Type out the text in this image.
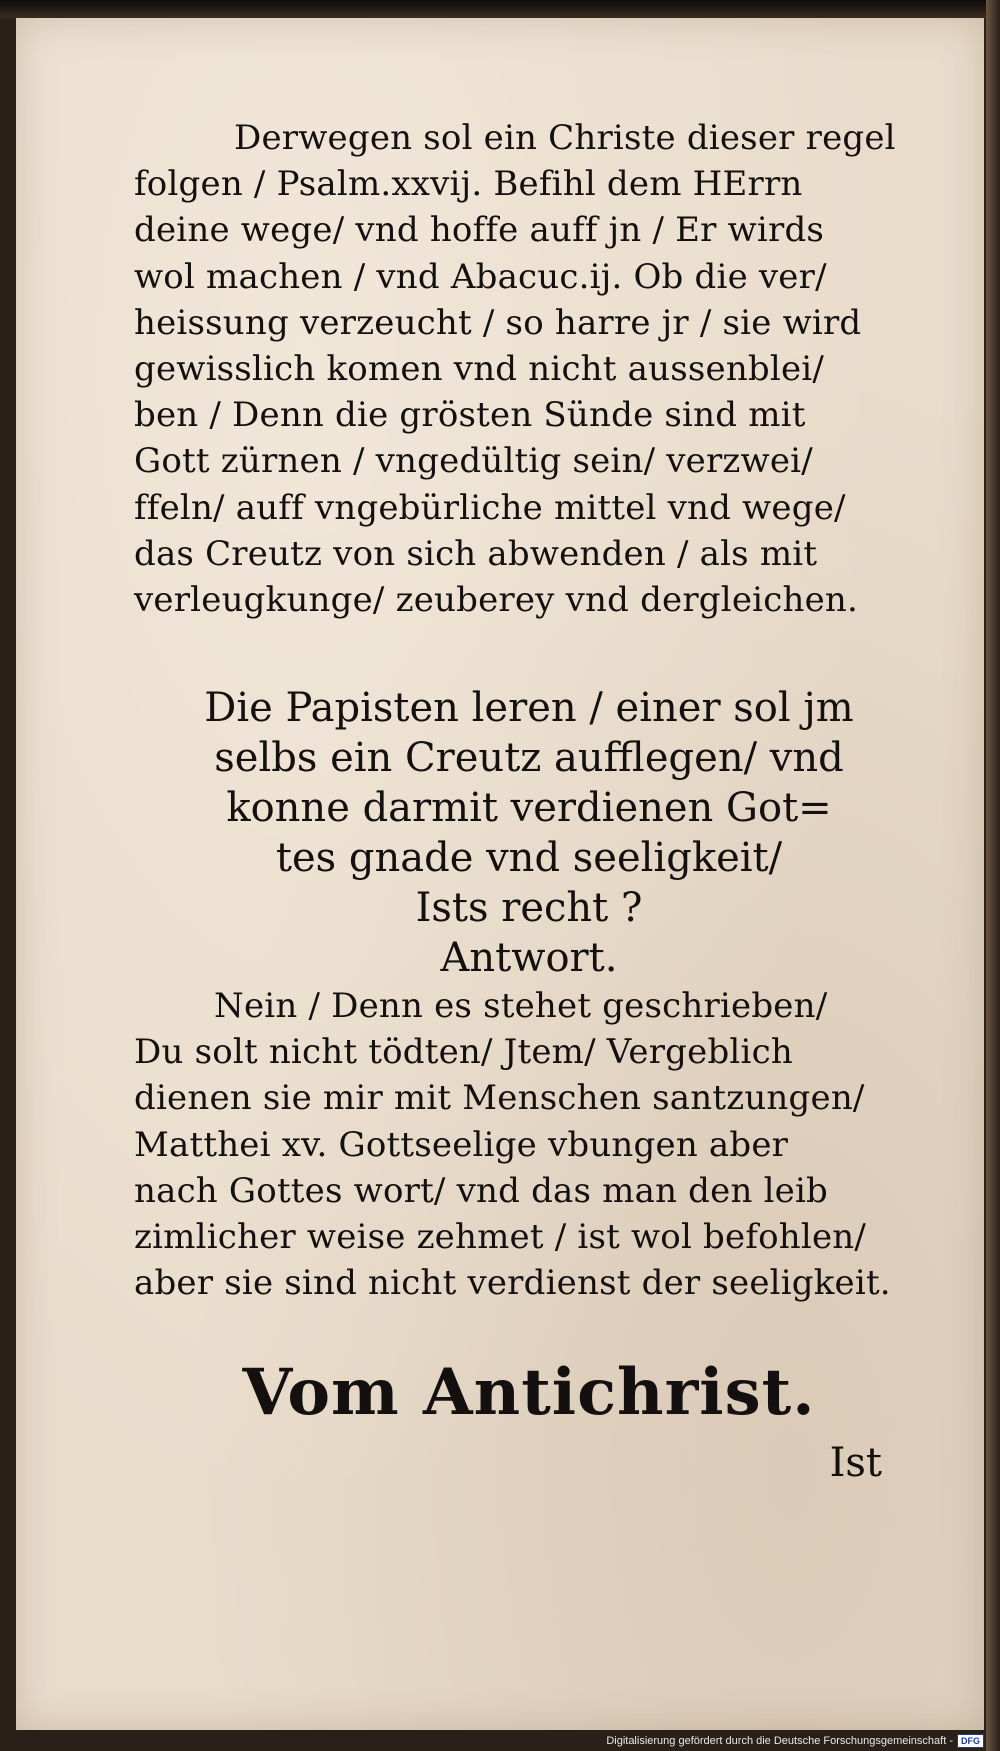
Derwegen sol ein Christe dieser regel
folgen / Psalm.xxvij. Befihl dem HErrn
deine wege/ vnd hoffe auff jn / Er wirds
wol machen / vnd Abacuc.ij. Ob die ver/
heissung verzeucht / so harre jr / sie wird
gewisslich komen vnd nicht aussenblei/
ben / Denn die grösten Sünde sind mit
Gott zürnen / vngedültig sein/ verzwei/
ffeln/ auff vngebürliche mittel vnd wege/
das Creutz von sich abwenden / als mit
verleugkunge/ zeuberey vnd dergleichen.

Die Papisten leren / einer sol jm
selbs ein Creutz aufflegen/ vnd
konne darmit verdienen Got=
tes gnade vnd seeligkeit/
Ists recht ?
Antwort.

Nein / Denn es stehet geschrieben/
Du solt nicht tödten/ Jtem/ Vergeblich
dienen sie mir mit Menschen santzungen/
Matthei xv. Gottseelige vbungen aber
nach Gottes wort/ vnd das man den leib
zimlicher weise zehmet / ist wol befohlen/
aber sie sind nicht verdienst der seeligkeit.

Vom Antichrist.
Ist
Digitalisierung gefördert durch die Deutsche Forschungsgemeinschaft - DFG
